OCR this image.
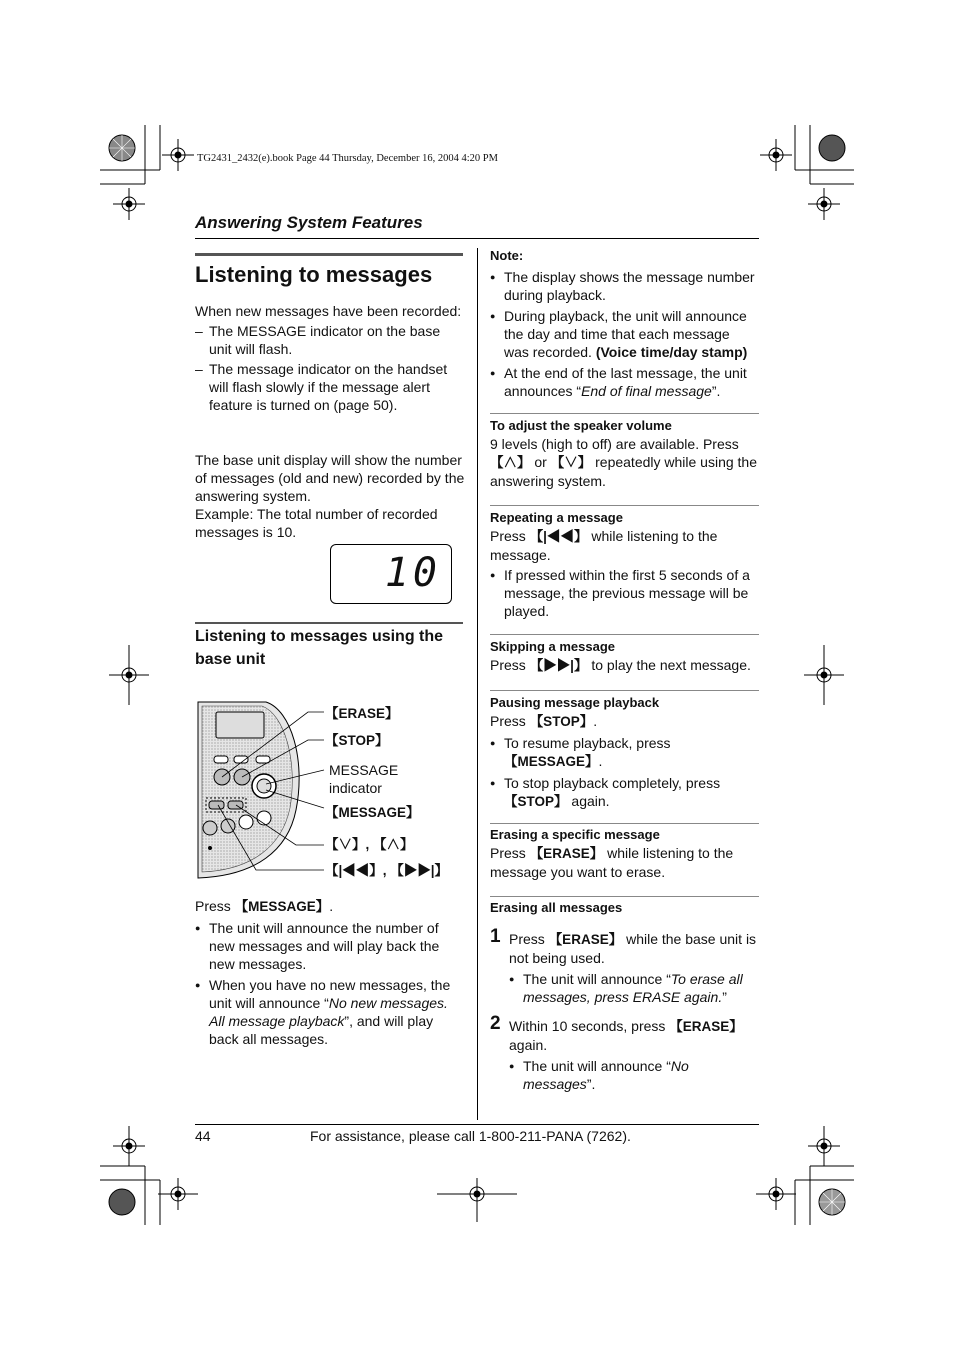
TG2431_2432(e).book Page 44 Thursday, December 16, 2004 4:20 PM
Answering System Features
Listening to messages
When new messages have been recorded:
– The MESSAGE indicator on the base unit will flash.
– The message indicator on the handset will flash slowly if the message alert feature is turned on (page 50).
The base unit display will show the number of messages (old and new) recorded by the answering system.
Example: The total number of recorded messages is 10.
10
Listening to messages using the base unit
【ERASE】
【STOP】
MESSAGE indicator
【MESSAGE】
【∨】, 【∧】
【|◀◀】, 【▶▶|】
Press 【MESSAGE】.
● The unit will announce the number of new messages and will play back the new messages.
● When you have no new messages, the unit will announce “No new messages. All message playback”, and will play back all messages.
Note:
● The display shows the message number during playback.
● During playback, the unit will announce the day and time that each message was recorded. (Voice time/day stamp)
● At the end of the last message, the unit announces “End of final message”.
To adjust the speaker volume
9 levels (high to off) are available. Press 【∧】 or 【∨】 repeatedly while using the answering system.
Repeating a message
Press 【|◀◀】 while listening to the message.
● If pressed within the first 5 seconds of a message, the previous message will be played.
Skipping a message
Press 【▶▶|】 to play the next message.
Pausing message playback
Press 【STOP】.
● To resume playback, press 【MESSAGE】.
● To stop playback completely, press 【STOP】 again.
Erasing a specific message
Press 【ERASE】 while listening to the message you want to erase.
Erasing all messages
1 Press 【ERASE】 while the base unit is not being used.
● The unit will announce “To erase all messages, press ERASE again.”
2 Within 10 seconds, press 【ERASE】 again.
● The unit will announce “No messages”.
44	For assistance, please call 1-800-211-PANA (7262).
